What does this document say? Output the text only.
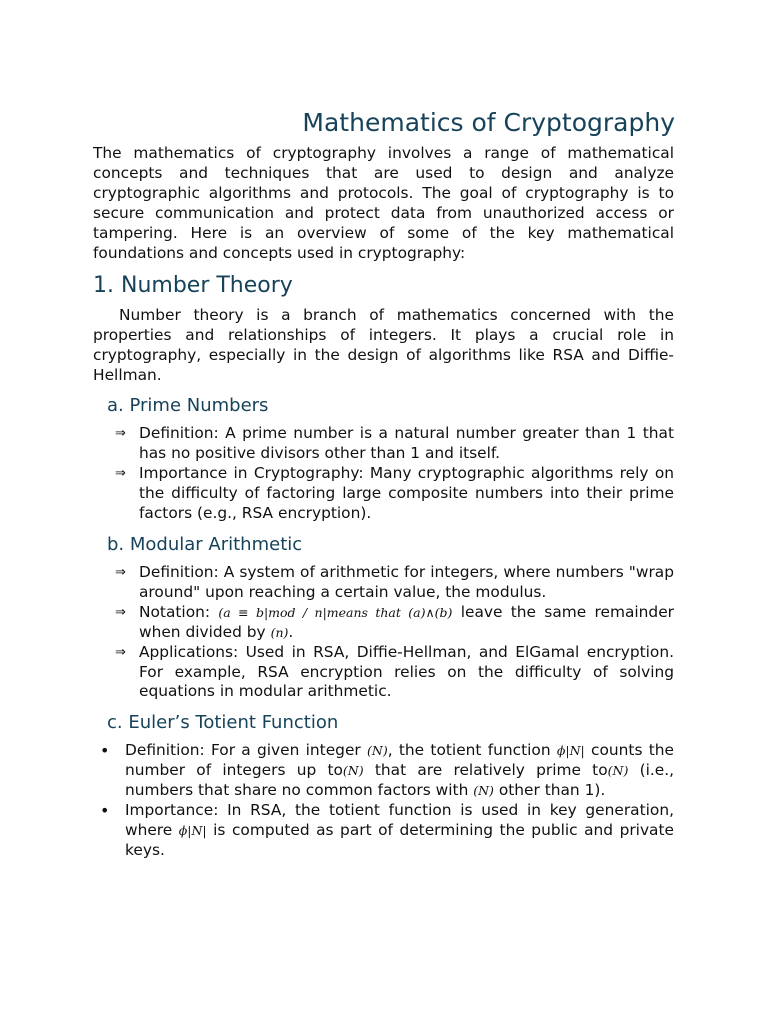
Mathematics of Cryptography

The mathematics of cryptography involves a range of mathematical concepts and techniques that are used to design and analyze cryptographic algorithms and protocols. The goal of cryptography is to secure communication and protect data from unauthorized access or tampering. Here is an overview of some of the key mathematical foundations and concepts used in cryptography:

1. Number Theory

Number theory is a branch of mathematics concerned with the properties and relationships of integers. It plays a crucial role in cryptography, especially in the design of algorithms like RSA and Diffie-Hellman.

a. Prime Numbers
⇒ Definition: A prime number is a natural number greater than 1 that has no positive divisors other than 1 and itself.
⇒ Importance in Cryptography: Many cryptographic algorithms rely on the difficulty of factoring large composite numbers into their prime factors (e.g., RSA encryption).
b. Modular Arithmetic
⇒ Definition: A system of arithmetic for integers, where numbers "wrap around" upon reaching a certain value, the modulus.
⇒ Notation: (a ≡ b|mod / n|means that (a)∧(b) leave the same remainder when divided by (n).
⇒ Applications: Used in RSA, Diffie-Hellman, and ElGamal encryption. For example, RSA encryption relies on the difficulty of solving equations in modular arithmetic.
c. Euler’s Totient Function
• Definition: For a given integer (N), the totient function ϕ|N| counts the number of integers up to(N) that are relatively prime to(N) (i.e., numbers that share no common factors with (N) other than 1).
• Importance: In RSA, the totient function is used in key generation, where ϕ|N| is computed as part of determining the public and private keys.
